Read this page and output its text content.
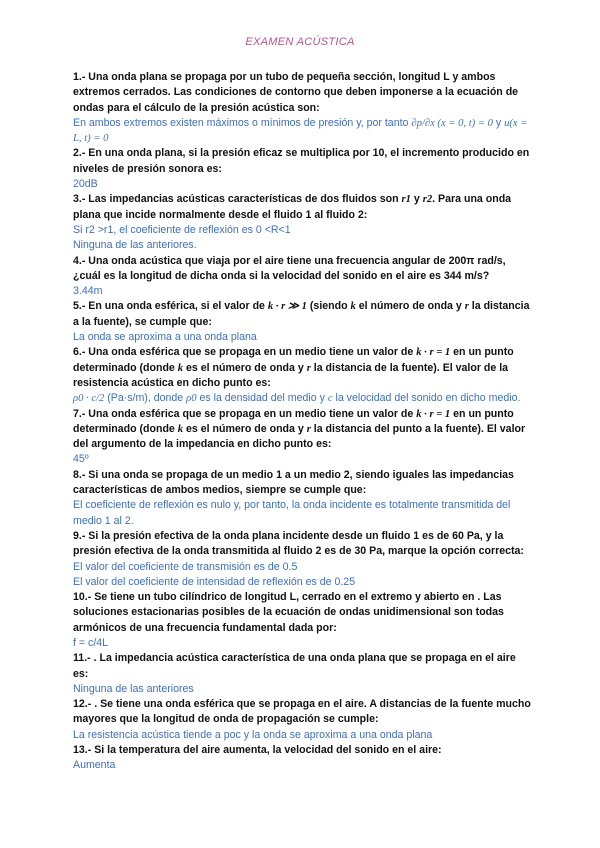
EXAMEN ACÚSTICA

1.- Una onda plana se propaga por un tubo de pequeña sección, longitud L y ambos extremos cerrados. Las condiciones de contorno que deben imponerse a la ecuación de ondas para el cálculo de la presión acústica son:

En ambos extremos existen máximos o mínimos de presión y, por tanto ∂p/∂x (x = 0, t) = 0 y u(x = L, t) = 0

2.- En una onda plana, si la presión eficaz se multiplica por 10, el incremento producido en niveles de presión sonora es:

20dB

3.- Las impedancias acústicas características de dos fluidos son r1 y r2. Para una onda plana que incide normalmente desde el fluido 1 al fluido 2:

Si r2 >r1, el coeficiente de reflexión es 0 <R<1

Ninguna de las anteriores.

4.- Una onda acústica que viaja por el aire tiene una frecuencia angular de 200π rad/s, ¿cuál es la longitud de dicha onda si la velocidad del sonido en el aire es 344 m/s?

3.44m

5.- En una onda esférica, si el valor de k · r ≫ 1 (siendo k el número de onda y r la distancia a la fuente), se cumple que:

La onda se aproxima a una onda plana

6.- Una onda esférica que se propaga en un medio tiene un valor de k · r = 1 en un punto determinado (donde k es el número de onda y r la distancia de la fuente). El valor de la resistencia acústica en dicho punto es:

ρ0 · c/2 (Pa·s/m), donde ρ0 es la densidad del medio y c la velocidad del sonido en dicho medio.

7.- Una onda esférica que se propaga en un medio tiene un valor de k · r = 1 en un punto determinado (donde k es el número de onda y r la distancia del punto a la fuente). El valor del argumento de la impedancia en dicho punto es:

45º

8.- Si una onda se propaga de un medio 1 a un medio 2, siendo iguales las impedancias características de ambos medios, siempre se cumple que:

El coeficiente de reflexión es nulo y, por tanto, la onda incidente es totalmente transmitida del medio 1 al 2.

9.- Si la presión efectiva de la onda plana incidente desde un fluido 1 es de 60 Pa, y la presión efectiva de la onda transmitida al fluido 2 es de 30 Pa, marque la opción correcta:

El valor del coeficiente de transmisión es de 0.5

El valor del coeficiente de intensidad de reflexión es de 0.25

10.- Se tiene un tubo cilíndrico de longitud L, cerrado en el extremo y abierto en . Las soluciones estacionarias posibles de la ecuación de ondas unidimensional son todas armónicos de una frecuencia fundamental dada por:

f = c/4L

11.- . La impedancia acústica característica de una onda plana que se propaga en el aire es:

Ninguna de las anteriores

12.- . Se tiene una onda esférica que se propaga en el aire. A distancias de la fuente mucho mayores que la longitud de onda de propagación se cumple:

La resistencia acústica tiende a poc y la onda se aproxima a una onda plana

13.- Si la temperatura del aire aumenta, la velocidad del sonido en el aire:

Aumenta
